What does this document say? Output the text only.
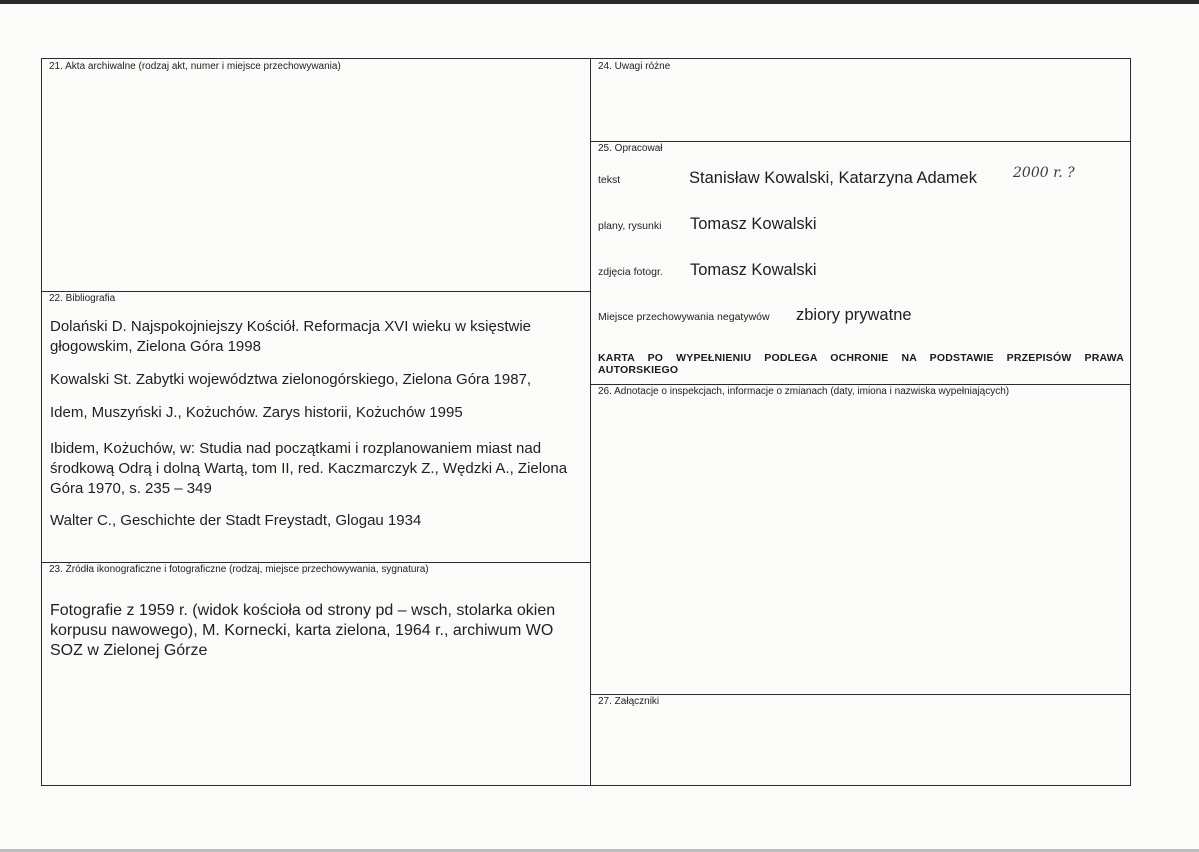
21. Akta archiwalne (rodzaj akt, numer i miejsce przechowywania)
22. Bibliografia
Dolański D. Najspokojniejszy Kościół. Reformacja XVI wieku w księstwie głogowskim, Zielona Góra 1998
Kowalski St. Zabytki województwa zielonogórskiego, Zielona Góra 1987,
Idem, Muszyński J., Kożuchów. Zarys historii, Kożuchów 1995
Ibidem, Kożuchów, w: Studia nad początkami i rozplanowaniem miast nad środkową Odrą i dolną Wartą, tom II, red. Kaczmarczyk Z., Wędzki A., Zielona Góra 1970, s. 235 – 349
Walter C., Geschichte der Stadt Freystadt, Glogau 1934
23. Źródła ikonograficzne i fotograficzne (rodzaj, miejsce przechowywania, sygnatura)
Fotografie z 1959 r. (widok kościoła od strony pd – wsch, stolarka okien korpusu nawowego), M. Kornecki, karta zielona, 1964 r., archiwum WO SOZ w Zielonej Górze
24. Uwagi różne
25. Opracował
tekst	Stanisław Kowalski, Katarzyna Adamek	2000 r. ?
plany, rysunki Tomasz Kowalski
zdjęcia fotogr. Tomasz Kowalski
Miejsce przechowywania negatywów zbiory prywatne
KARTA PO WYPEŁNIENIU PODLEGA OCHRONIE NA PODSTAWIE PRZEPISÓW PRAWA AUTORSKIEGO
26. Adnotacje o inspekcjach, informacje o zmianach (daty, imiona i nazwiska wypełniających)
27. Załączniki
